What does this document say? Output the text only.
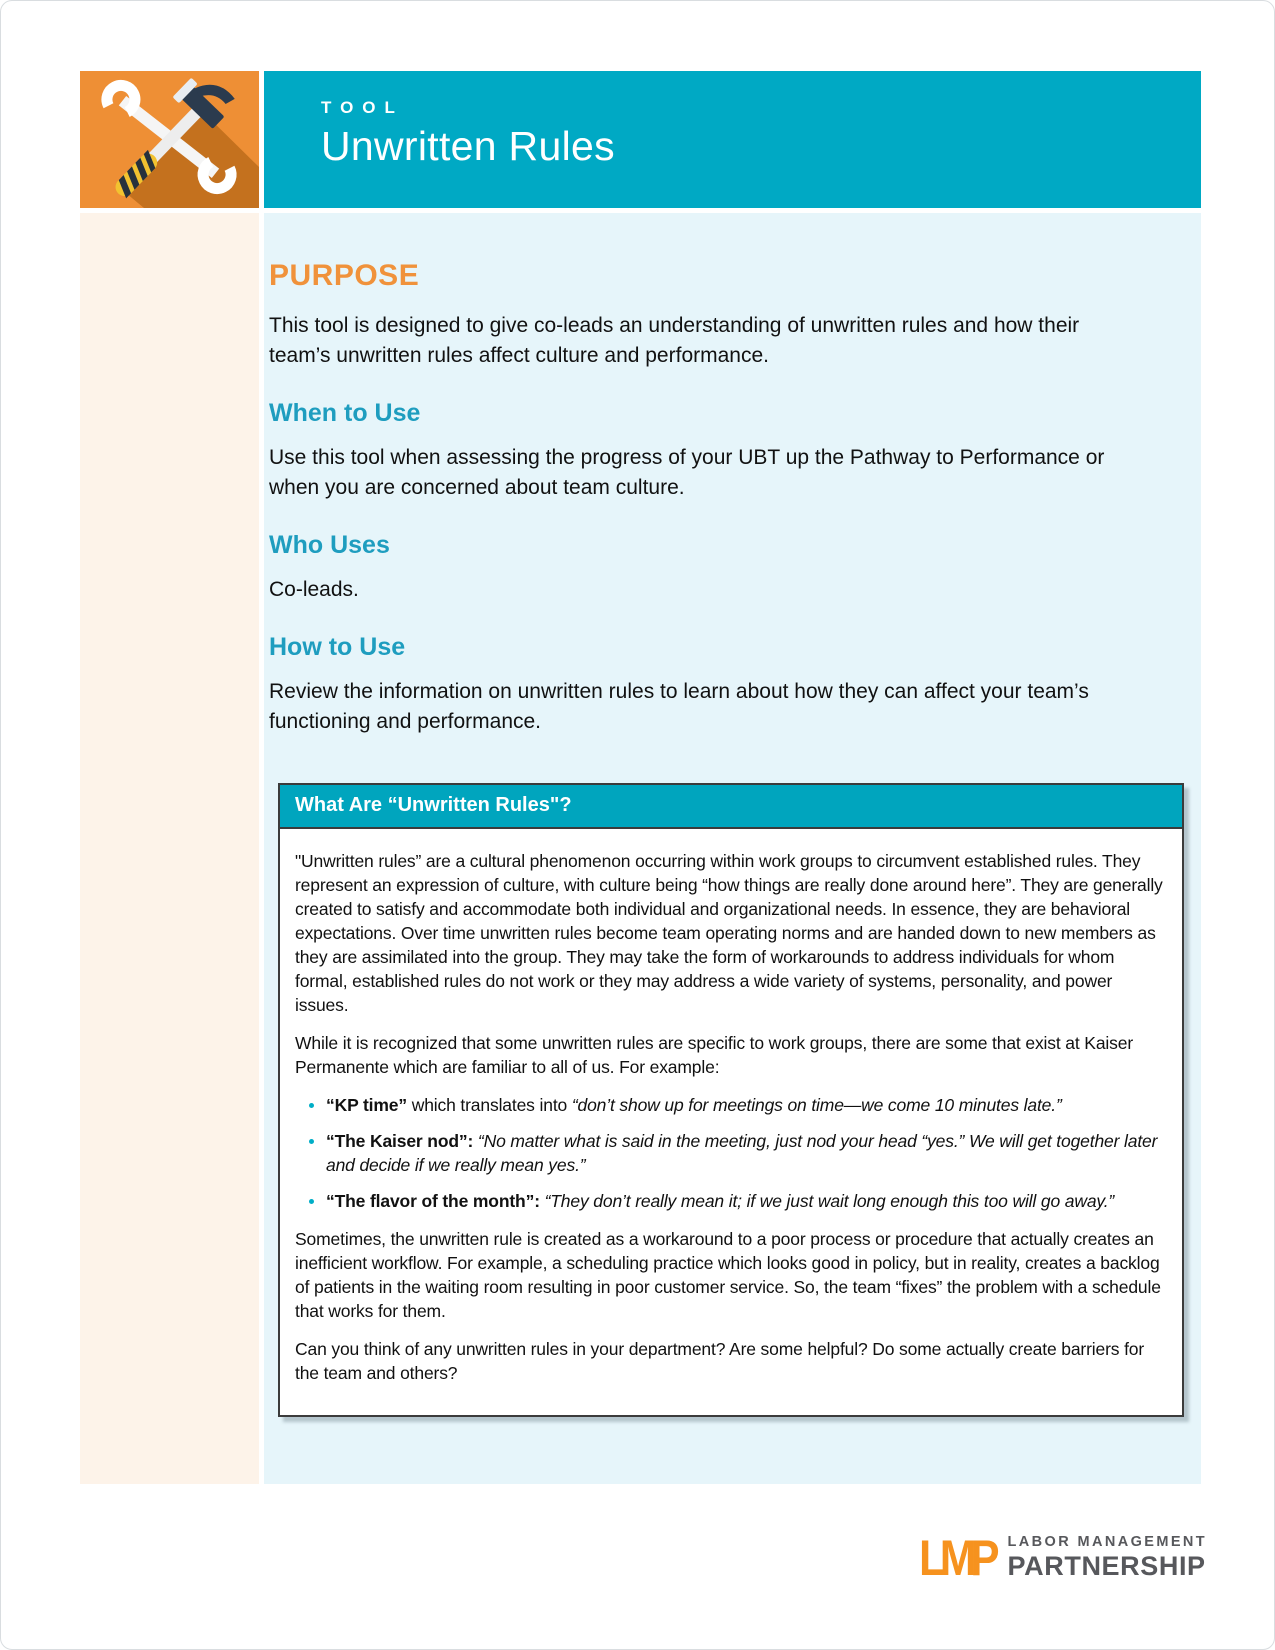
TOOL
Unwritten Rules
PURPOSE

This tool is designed to give co-leads an understanding of unwritten rules and how their team’s unwritten rules affect culture and performance.

When to Use

Use this tool when assessing the progress of your UBT up the Pathway to Performance or when you are concerned about team culture.

Who Uses

Co-leads.

How to Use

Review the information on unwritten rules to learn about how they can affect your team’s functioning and performance.

What Are “Unwritten Rules"?

"Unwritten rules” are a cultural phenomenon occurring within work groups to circumvent established rules. They represent an expression of culture, with culture being “how things are really done around here”. They are generally created to satisfy and accommodate both individual and organizational needs. In essence, they are behavioral expectations. Over time unwritten rules become team operating norms and are handed down to new members as they are assimilated into the group. They may take the form of workarounds to address individuals for whom formal, established rules do not work or they may address a wide variety of systems, personality, and power issues.

While it is recognized that some unwritten rules are specific to work groups, there are some that exist at Kaiser Permanente which are familiar to all of us. For example:

• “KP time” which translates into “don’t show up for meetings on time—we come 10 minutes late.”
• “The Kaiser nod”: “No matter what is said in the meeting, just nod your head “yes.” We will get together later and decide if we really mean yes.”
• “The flavor of the month”: “They don’t really mean it; if we just wait long enough this too will go away.”

Sometimes, the unwritten rule is created as a workaround to a poor process or procedure that actually creates an inefficient workflow. For example, a scheduling practice which looks good in policy, but in reality, creates a backlog of patients in the waiting room resulting in poor customer service. So, the team “fixes” the problem with a schedule that works for them.

Can you think of any unwritten rules in your department? Are some helpful? Do some actually create barriers for the team and others?

LMP LABOR MANAGEMENT
PARTNERSHIP
